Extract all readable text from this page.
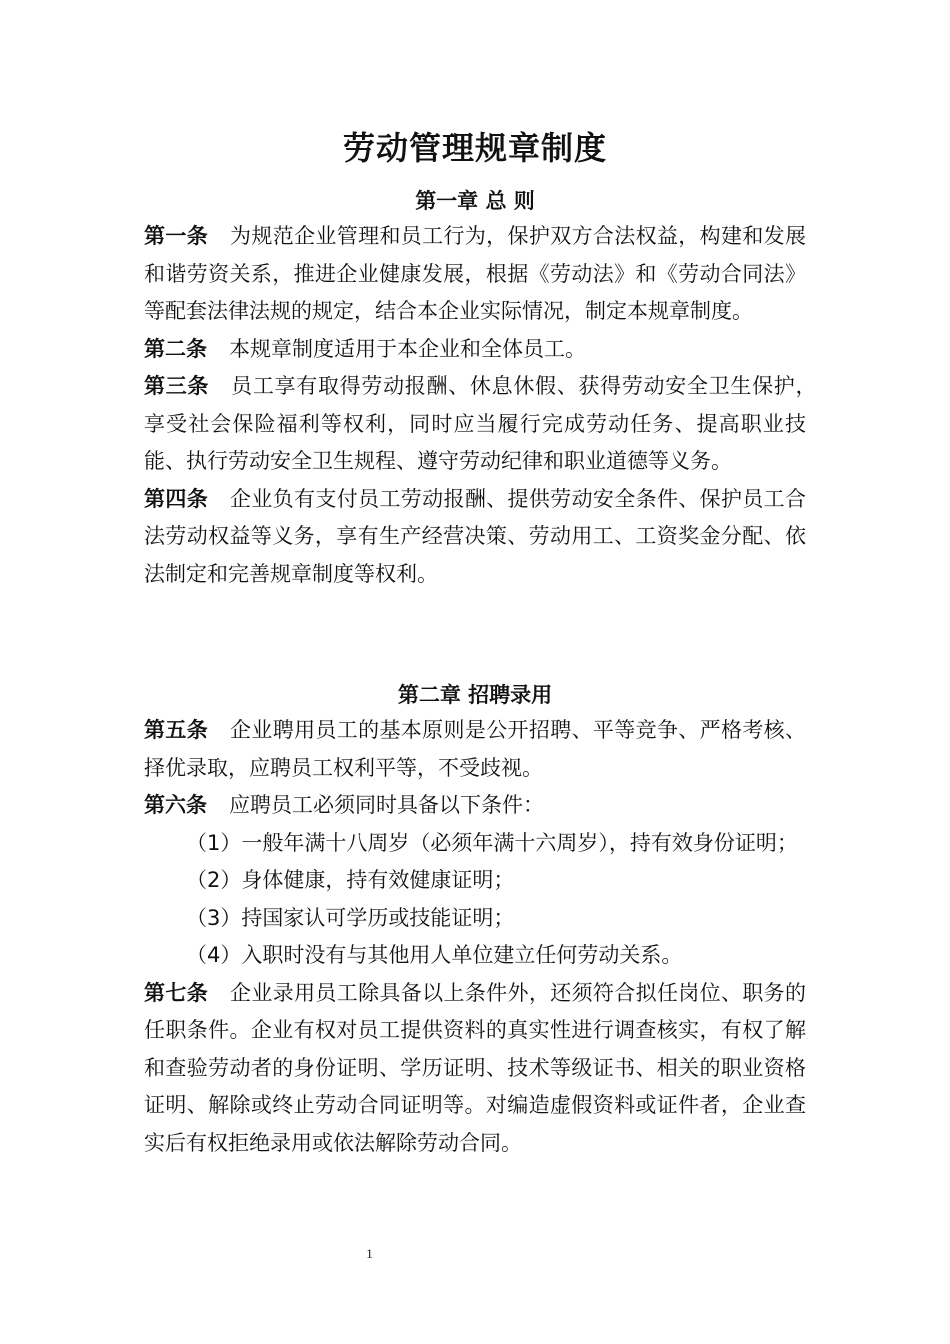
劳动管理规章制度
第一章 总 则
第一条 为规范企业管理和员工行为，保护双方合法权益，构建和发展和谐劳资关系，推进企业健康发展，根据《劳动法》和《劳动合同法》等配套法律法规的规定，结合本企业实际情况，制定本规章制度。
第二条 本规章制度适用于本企业和全体员工。
第三条 员工享有取得劳动报酬、休息休假、获得劳动安全卫生保护，　享受社会保险福利等权利，同时应当履行完成劳动任务、提高职业技能、执行劳动安全卫生规程、遵守劳动纪律和职业道德等义务。
第四条 企业负有支付员工劳动报酬、提供劳动安全条件、保护员工合法劳动权益等义务，享有生产经营决策、劳动用工、工资奖金分配、依法制定和完善规章制度等权利。
第二章 招聘录用
第五条 企业聘用员工的基本原则是公开招聘、平等竞争、严格考核、择优录取，应聘员工权利平等，不受歧视。
第六条 应聘员工必须同时具备以下条件：
（1）一般年满十八周岁（必须年满十六周岁），持有效身份证明；
（2）身体健康，持有效健康证明；
（3）持国家认可学历或技能证明；
（4）入职时没有与其他用人单位建立任何劳动关系。
第七条 企业录用员工除具备以上条件外，还须符合拟任岗位、职务的任职条件。企业有权对员工提供资料的真实性进行调查核实，有权了解和查验劳动者的身份证明、学历证明、技术等级证书、相关的职业资格证明、解除或终止劳动合同证明等。对编造虚假资料或证件者，企业查实后有权拒绝录用或依法解除劳动合同。
1
